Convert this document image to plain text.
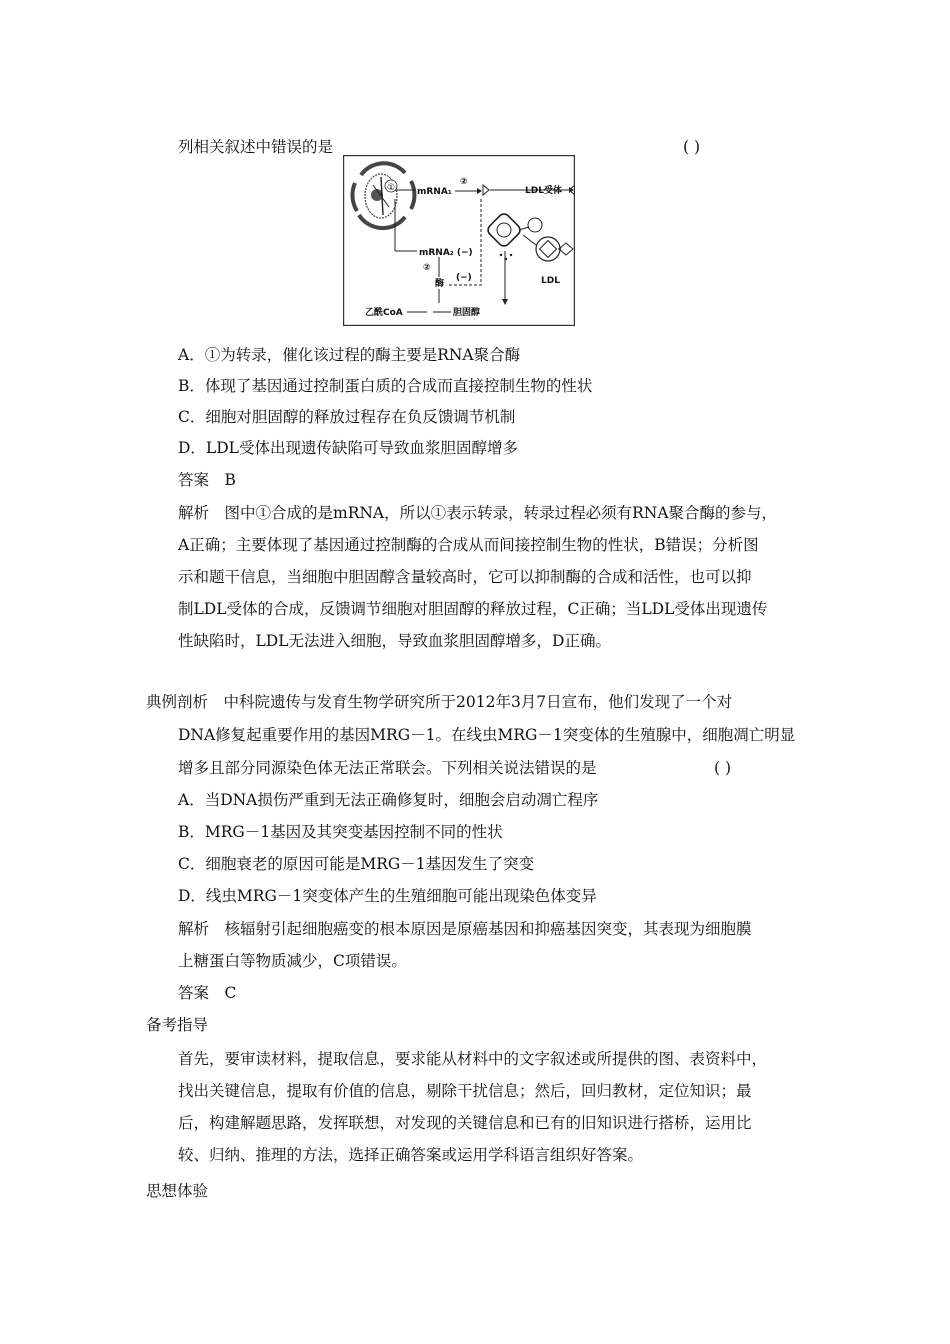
列相关叙述中错误的是	( )
① mRNA₁
②
mRNA₂ (−)
②
酶
(−)
乙酰CoA	胆固醇
LDL
LDL受体
A．①为转录，催化该过程的酶主要是RNA聚合酶
B．体现了基因通过控制蛋白质的合成而直接控制生物的性状
C．细胞对胆固醇的释放过程存在负反馈调节机制
D．LDL受体出现遗传缺陷可导致血浆胆固醇增多
答案　B
解析　图中①合成的是mRNA，所以①表示转录，转录过程必须有RNA聚合酶的参与，
A正确；主要体现了基因通过控制酶的合成从而间接控制生物的性状，B错误；分析图
示和题干信息，当细胞中胆固醇含量较高时，它可以抑制酶的合成和活性，也可以抑
制LDL受体的合成，反馈调节细胞对胆固醇的释放过程，C正确；当LDL受体出现遗传
性缺陷时，LDL无法进入细胞，导致血浆胆固醇增多，D正确。
典例剖析　中科院遗传与发育生物学研究所于2012年3月7日宣布，他们发现了一个对
DNA修复起重要作用的基因MRG－1。在线虫MRG－1突变体的生殖腺中，细胞凋亡明显
增多且部分同源染色体无法正常联会。下列相关说法错误的是	( )
A．当DNA损伤严重到无法正确修复时，细胞会启动凋亡程序
B．MRG－1基因及其突变基因控制不同的性状
C．细胞衰老的原因可能是MRG－1基因发生了突变
D．线虫MRG－1突变体产生的生殖细胞可能出现染色体变异
解析　核辐射引起细胞癌变的根本原因是原癌基因和抑癌基因突变，其表现为细胞膜
上糖蛋白等物质减少，C项错误。
答案　C
备考指导
首先，要审读材料，提取信息，要求能从材料中的文字叙述或所提供的图、表资料中，
找出关键信息，提取有价值的信息，剔除干扰信息；然后，回归教材，定位知识；最
后，构建解题思路，发挥联想，对发现的关键信息和已有的旧知识进行搭桥，运用比
较、归纳、推理的方法，选择正确答案或运用学科语言组织好答案。
思想体验
